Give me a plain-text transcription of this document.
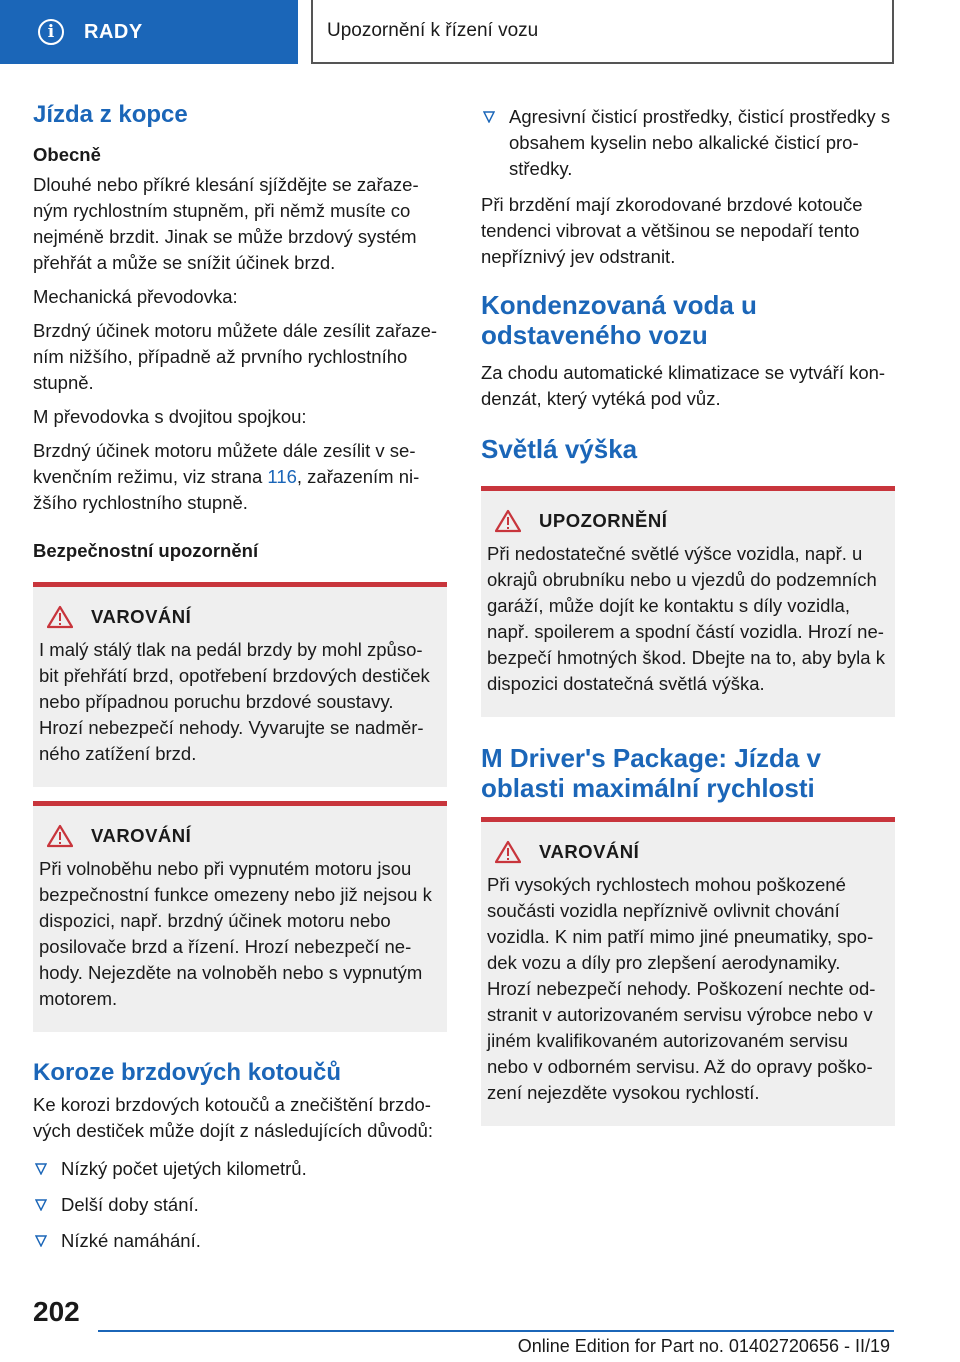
i	RADY	Upozornění k řízení vozu
Jízda z kopce
Obecně

Dlouhé nebo příkré klesání sjíždějte se zařaze-ným rychlostním stupněm, při němž musíte co nejméně brzdit. Jinak se může brzdový systém přehřát a může se snížit účinek brzd.

Mechanická převodovka:

Brzdný účinek motoru můžete dále zesílit zařaze-ním nižšího, případně až prvního rychlostního stupně.

M převodovka s dvojitou spojkou:

Brzdný účinek motoru můžete dále zesílit v se-kvenčním režimu, viz strana 116, zařazením ni-žšího rychlostního stupně.

Bezpečnostní upozornění
VAROVÁNÍ

I malý stálý tlak na pedál brzdy by mohl způso-bit přehřátí brzd, opotřebení brzdových destiček nebo případnou poruchu brzdové soustavy. Hrozí nebezpečí nehody. Vyvarujte se nadměr-ného zatížení brzd.

VAROVÁNÍ

Při volnoběhu nebo při vypnutém motoru jsou bezpečnostní funkce omezeny nebo již nejsou k dispozici, např. brzdný účinek motoru nebo posilovače brzd a řízení. Hrozí nebezpečí ne-hody. Nejezděte na volnoběh nebo s vypnutým motorem.

Koroze brzdových kotoučů

Ke korozi brzdových kotoučů a znečištění brzdo-vých destiček může dojít z následujících důvodů:

Nízký počet ujetých kilometrů.
Delší doby stání.
Nízké namáhání.
Agresivní čisticí prostředky, čisticí prostředky s obsahem kyselin nebo alkalické čisticí pro-středky.

Při brzdění mají zkorodované brzdové kotouče tendenci vibrovat a většinou se nepodaří tento nepříznivý jev odstranit.

Kondenzovaná voda u odstaveného vozu

Za chodu automatické klimatizace se vytváří kon-denzát, který vytéká pod vůz.

Světlá výška
UPOZORNĚNÍ

Při nedostatečné světlé výšce vozidla, např. u okrajů obrubníku nebo u vjezdů do podzemních garáží, může dojít ke kontaktu s díly vozidla, např. spoilerem a spodní částí vozidla. Hrozí ne-bezpečí hmotných škod. Dbejte na to, aby byla k dispozici dostatečná světlá výška.

M Driver's Package: Jízda v oblasti maximální rychlosti
VAROVÁNÍ

Při vysokých rychlostech mohou poškozené součásti vozidla nepříznivě ovlivnit chování vozidla. K nim patří mimo jiné pneumatiky, spo-dek vozu a díly pro zlepšení aerodynamiky. Hrozí nebezpečí nehody. Poškození nechte od-stranit v autorizovaném servisu výrobce nebo v jiném kvalifikovaném autorizovaném servisu nebo v odborném servisu. Až do opravy poško-zení nejezděte vysokou rychlostí.

202
Online Edition for Part no. 01402720656 - II/19
